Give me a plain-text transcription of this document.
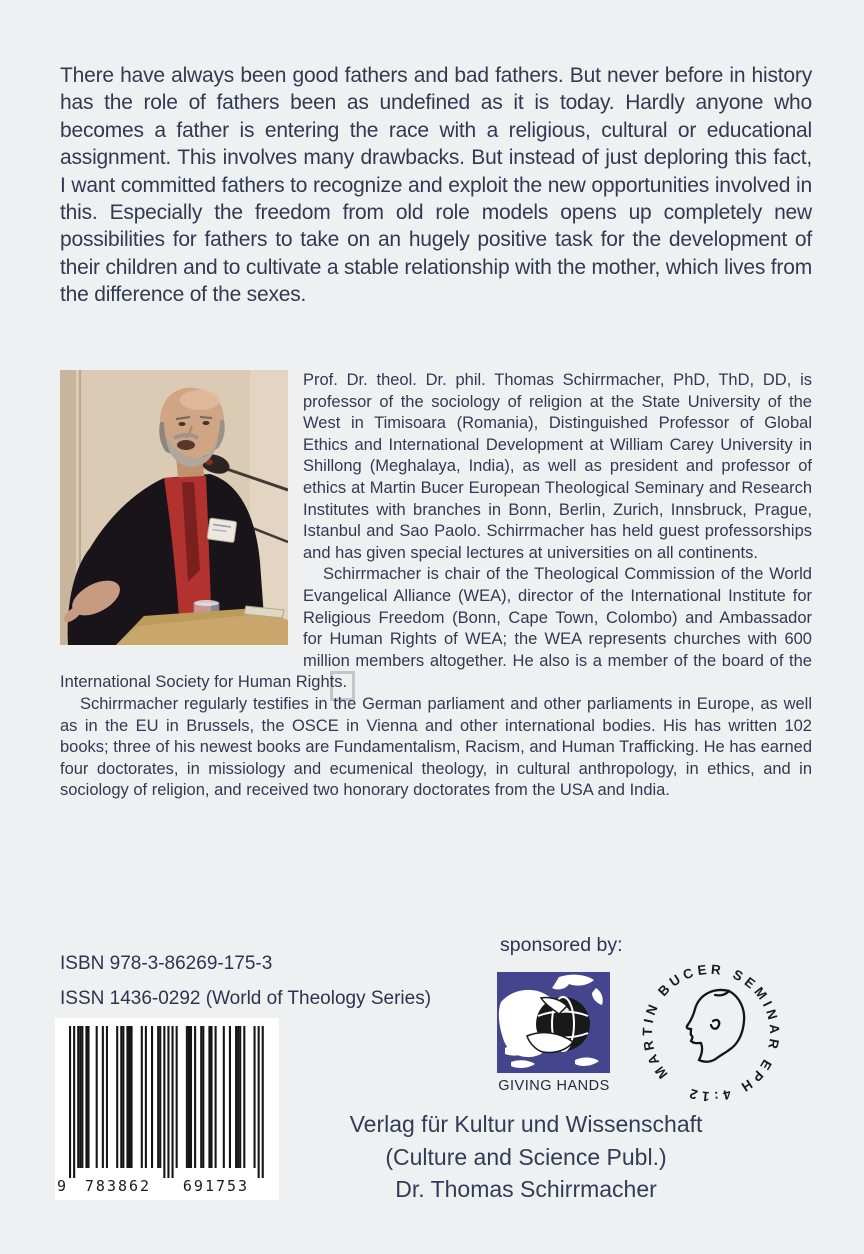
There have always been good fathers and bad fathers. But never before in history has the role of fathers been as undefined as it is today. Hardly anyone who becomes a father is entering the race with a religious, cultural or educational assignment. This involves many drawbacks. But instead of just deploring this fact, I want committed fathers to recognize and exploit the new opportunities involved in this. Especially the freedom from old role models opens up completely new possibilities for fathers to take on an hugely positive task for the development of their children and to cultivate a stable relationship with the mother, which lives from the difference of the sexes.

Prof. Dr. theol. Dr. phil. Thomas Schirrmacher, PhD, ThD, DD, is professor of the sociology of religion at the State University of the West in Timisoara (Romania), Distinguished Professor of Global Ethics and International Development at William Carey University in Shillong (Meghalaya, India), as well as president and professor of ethics at Martin Bucer European Theological Seminary and Research Institutes with branches in Bonn, Berlin, Zurich, Innsbruck, Prague, Istanbul and Sao Paolo. Schirrmacher has held guest professorships and has given special lectures at universities on all continents.

Schirrmacher is chair of the Theological Commission of the World Evangelical Alliance (WEA), director of the International Institute for Religious Freedom (Bonn, Cape Town, Colombo) and Ambassador for Human Rights of WEA; the WEA represents churches with 600 million members altogether. He also is a member of the board of the International Society for Human Rights.

Schirrmacher regularly testifies in the German parliament and other parliaments in Europe, as well as in the EU in Brussels, the OSCE in Vienna and other international bodies. His has written 102 books; three of his newest books are Fundamentalism, Racism, and Human Trafficking. He has earned four doctorates, in missiology and ecumenical theology, in cultural anthropology, in ethics, and in sociology of religion, and received two honorary doctorates from the USA and India.

ISBN 978-3-86269-175-3
ISSN 1436-0292 (World of Theology Series)
sponsored by:
GIVING HANDS
MARTIN BUCER SEMINAR EPH 4:12
9 783862 691753
Verlag für Kultur und Wissenschaft
(Culture and Science Publ.)
Dr. Thomas Schirrmacher
